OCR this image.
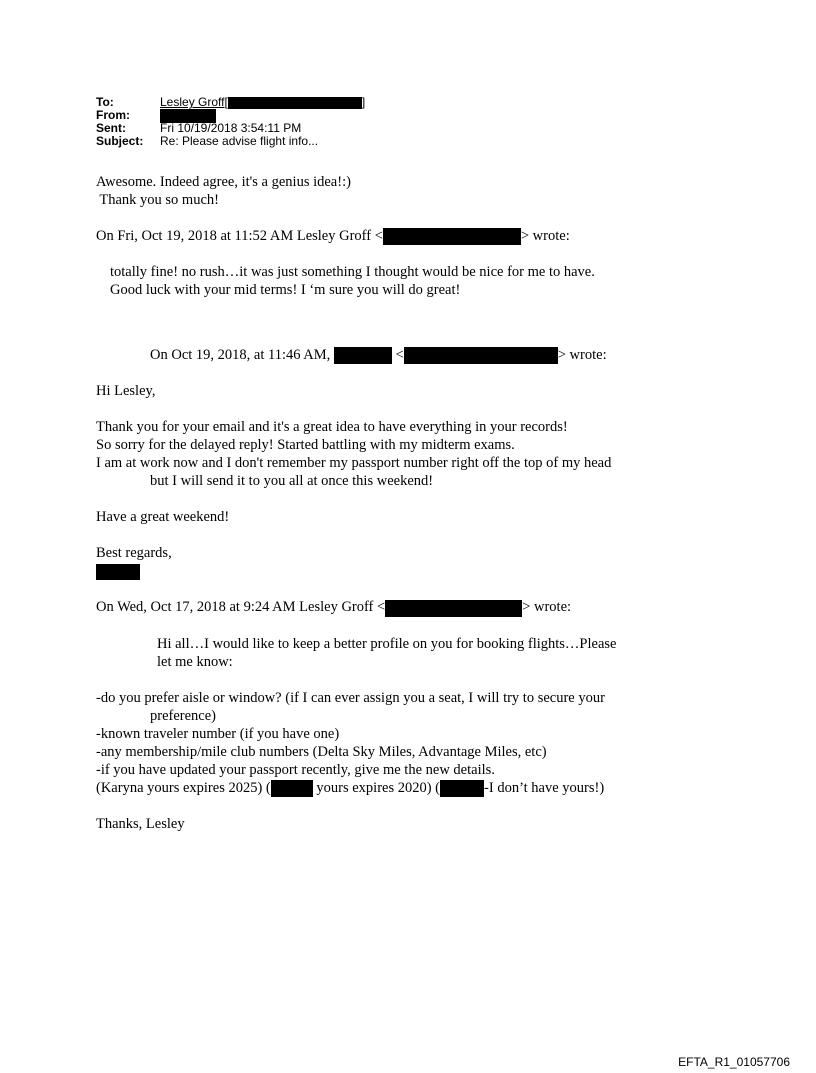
To:	Lesley Groff[	]
From:
Sent:	Fri 10/19/2018 3:54:11 PM
Subject:	Re: Please advise flight info...

Awesome. Indeed agree, it's a genius idea!:)

Thank you so much!

On Fri, Oct 19, 2018 at 11:52 AM Lesley Groff <	> wrote:

totally fine! no rush…it was just something I thought would be nice for me to have.

Good luck with your mid terms! I ‘m sure you will do great!

On Oct 19, 2018, at 11:46 AM,	<	> wrote:

Hi Lesley,

Thank you for your email and it's a great idea to have everything in your records!

So sorry for the delayed reply! Started battling with my midterm exams.

I am at work now and I don't remember my passport number right off the top of my head

but I will send it to you all at once this weekend!

Have a great weekend!

Best regards,

On Wed, Oct 17, 2018 at 9:24 AM Lesley Groff <	> wrote:

Hi all…I would like to keep a better profile on you for booking flights…Please

let me know:

-do you prefer aisle or window? (if I can ever assign you a seat, I will try to secure your

preference)

-known traveler number (if you have one)

-any membership/mile club numbers (Delta Sky Miles, Advantage Miles, etc)

-if you have updated your passport recently, give me the new details.

(Karyna yours expires 2025) (	yours expires 2020) (	-I don’t have yours!)

Thanks, Lesley

EFTA_R1_01057706
